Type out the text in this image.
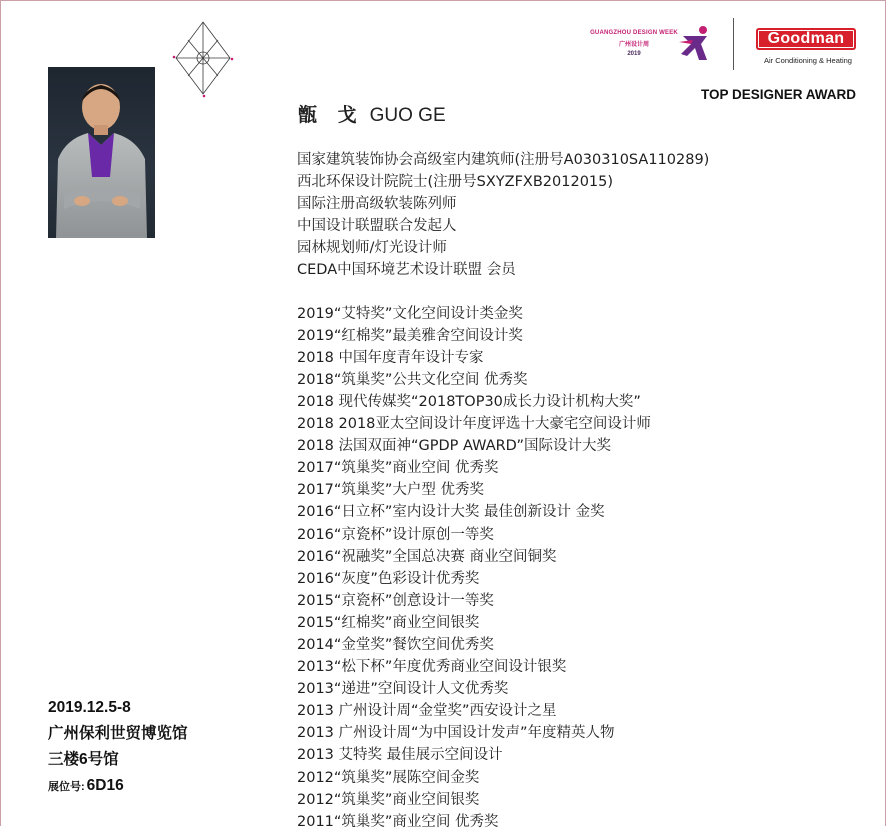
GUANGZHOU DESIGN WEEK
广州设计周
2019
Goodman
Air Conditioning & Heating
TOP DESIGNER AWARD
甑 戈 GUO GE
国家建筑装饰协会高级室内建筑师(注册号A030310SA110289)
西北环保设计院院士(注册号SXYZFXB2012015)
国际注册高级软装陈列师
中国设计联盟联合发起人
园林规划师/灯光设计师
CEDA中国环境艺术设计联盟 会员
2019“艾特奖”文化空间设计类金奖
2019“红棉奖”最美雅舍空间设计奖
2018 中国年度青年设计专家
2018“筑巢奖”公共文化空间 优秀奖
2018 现代传媒奖“2018TOP30成长力设计机构大奖”
2018 2018亚太空间设计年度评选十大豪宅空间设计师
2018 法国双面神“GPDP AWARD”国际设计大奖
2017“筑巢奖”商业空间 优秀奖
2017“筑巢奖”大户型 优秀奖
2016“日立杯”室内设计大奖 最佳创新设计 金奖
2016“京瓷杯”设计原创一等奖
2016“祝融奖”全国总决赛 商业空间铜奖
2016“灰度”色彩设计优秀奖
2015“京瓷杯”创意设计一等奖
2015“红棉奖”商业空间银奖
2014“金堂奖”餐饮空间优秀奖
2013“松下杯”年度优秀商业空间设计银奖
2013“递进”空间设计人文优秀奖
2013 广州设计周“金堂奖”西安设计之星
2013 广州设计周“为中国设计发声”年度精英人物
2013 艾特奖 最佳展示空间设计
2012“筑巢奖”展陈空间金奖
2012“筑巢奖”商业空间银奖
2011“筑巢奖”商业空间 优秀奖
2019.12.5-8
广州保利世贸博览馆
三楼6号馆
展位号: 6D16
